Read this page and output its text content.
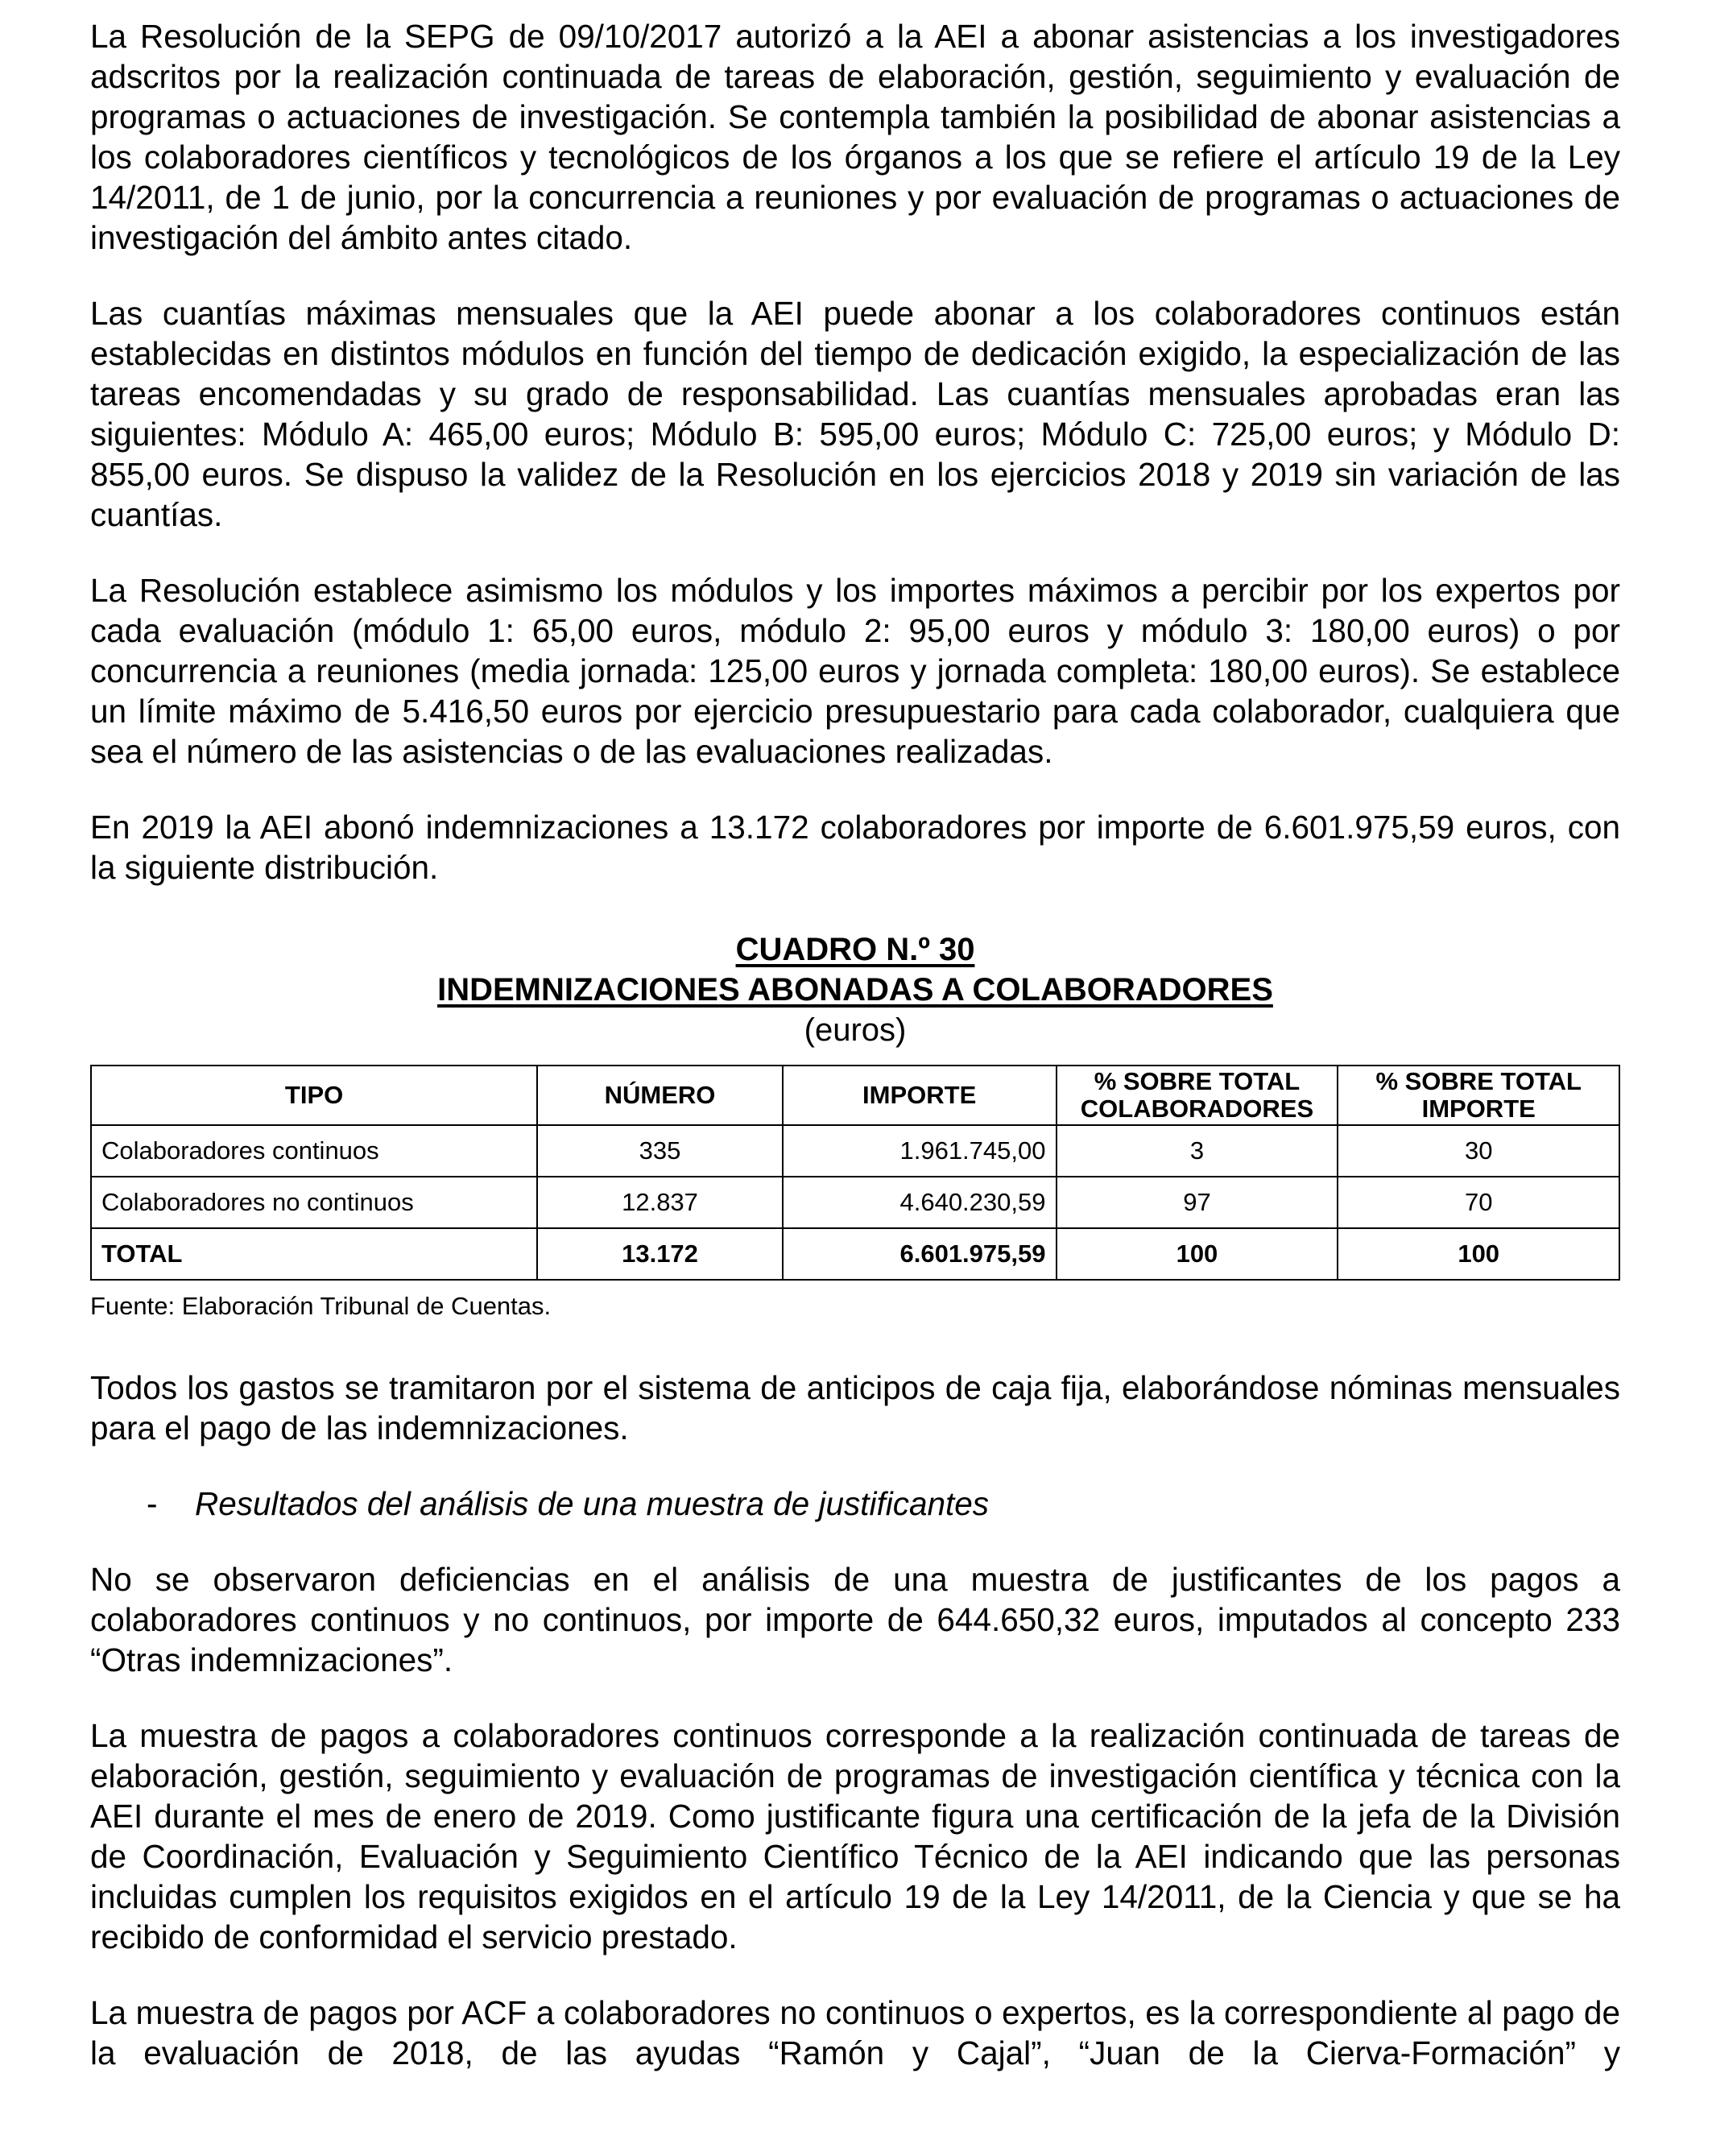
La Resolución de la SEPG de 09/10/2017 autorizó a la AEI a abonar asistencias a los investigadores adscritos por la realización continuada de tareas de elaboración, gestión, seguimiento y evaluación de programas o actuaciones de investigación. Se contempla también la posibilidad de abonar asistencias a los colaboradores científicos y tecnológicos de los órganos a los que se refiere el artículo 19 de la Ley 14/2011, de 1 de junio, por la concurrencia a reuniones y por evaluación de programas o actuaciones de investigación del ámbito antes citado.

Las cuantías máximas mensuales que la AEI puede abonar a los colaboradores continuos están establecidas en distintos módulos en función del tiempo de dedicación exigido, la especialización de las tareas encomendadas y su grado de responsabilidad. Las cuantías mensuales aprobadas eran las siguientes: Módulo A: 465,00 euros; Módulo B: 595,00 euros; Módulo C: 725,00 euros; y Módulo D: 855,00 euros. Se dispuso la validez de la Resolución en los ejercicios 2018 y 2019 sin variación de las cuantías.

La Resolución establece asimismo los módulos y los importes máximos a percibir por los expertos por cada evaluación (módulo 1: 65,00 euros, módulo 2: 95,00 euros y módulo 3: 180,00 euros) o por concurrencia a reuniones (media jornada: 125,00 euros y jornada completa: 180,00 euros). Se establece un límite máximo de 5.416,50 euros por ejercicio presupuestario para cada colaborador, cualquiera que sea el número de las asistencias o de las evaluaciones realizadas.

En 2019 la AEI abonó indemnizaciones a 13.172 colaboradores por importe de 6.601.975,59 euros, con la siguiente distribución.

CUADRO N.º 30
INDEMNIZACIONES ABONADAS A COLABORADORES
(euros)
TIPO	NÚMERO	IMPORTE	% SOBRE TOTAL COLABORADORES	% SOBRE TOTAL IMPORTE
Colaboradores continuos	335	1.961.745,00	3	30
Colaboradores no continuos	12.837	4.640.230,59	97	70
TOTAL	13.172	6.601.975,59	100	100
Fuente: Elaboración Tribunal de Cuentas.

Todos los gastos se tramitaron por el sistema de anticipos de caja fija, elaborándose nóminas mensuales para el pago de las indemnizaciones.

-	Resultados del análisis de una muestra de justificantes

No se observaron deficiencias en el análisis de una muestra de justificantes de los pagos a colaboradores continuos y no continuos, por importe de 644.650,32 euros, imputados al concepto 233 “Otras indemnizaciones”.

La muestra de pagos a colaboradores continuos corresponde a la realización continuada de tareas de elaboración, gestión, seguimiento y evaluación de programas de investigación científica y técnica con la AEI durante el mes de enero de 2019. Como justificante figura una certificación de la jefa de la División de Coordinación, Evaluación y Seguimiento Científico Técnico de la AEI indicando que las personas incluidas cumplen los requisitos exigidos en el artículo 19 de la Ley 14/2011, de la Ciencia y que se ha recibido de conformidad el servicio prestado.

La muestra de pagos por ACF a colaboradores no continuos o expertos, es la correspondiente al pago de la evaluación de 2018, de las ayudas “Ramón y Cajal”, “Juan de la Cierva-Formación” y
